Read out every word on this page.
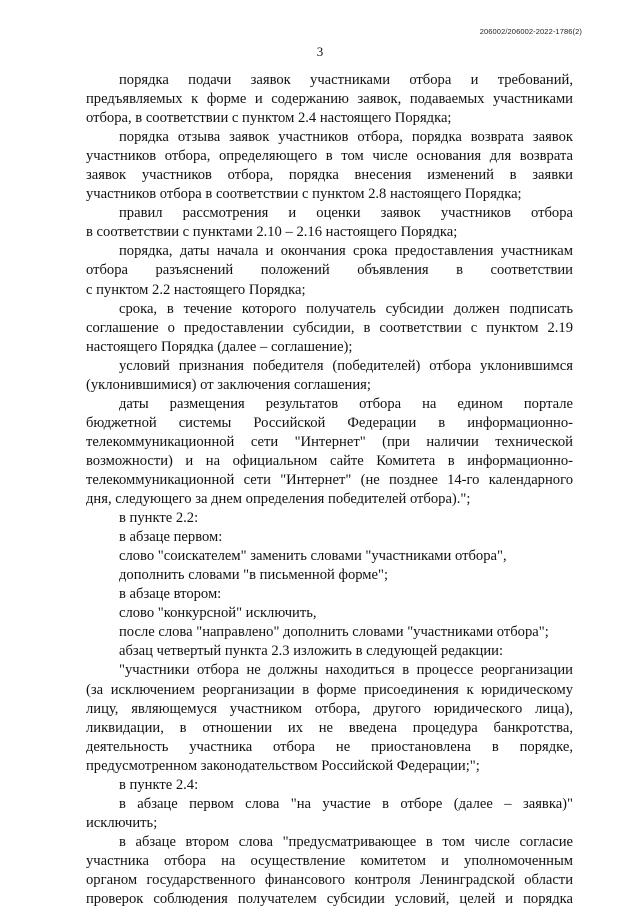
206002/206002-2022-1786(2)
3
порядка подачи заявок участниками отбора и требований,
предъявляемых к форме и содержанию заявок, подаваемых участниками
отбора, в соответствии с пунктом 2.4 настоящего Порядка;
порядка отзыва заявок участников отбора, порядка возврата заявок
участников отбора, определяющего в том числе основания для возврата
заявок участников отбора, порядка внесения изменений в заявки
участников отбора в соответствии с пунктом 2.8 настоящего Порядка;
правил рассмотрения и оценки заявок участников отбора
в соответствии с пунктами 2.10 – 2.16 настоящего Порядка;
порядка, даты начала и окончания срока предоставления участникам
отбора разъяснений положений объявления в соответствии
с пунктом 2.2 настоящего Порядка;
срока, в течение которого получатель субсидии должен подписать
соглашение о предоставлении субсидии, в соответствии с пунктом 2.19
настоящего Порядка (далее – соглашение);
условий признания победителя (победителей) отбора уклонившимся
(уклонившимися) от заключения соглашения;
даты размещения результатов отбора на едином портале
бюджетной системы Российской Федерации в информационно-
телекоммуникационной сети "Интернет" (при наличии технической
возможности) и на официальном сайте Комитета в информационно-
телекоммуникационной сети "Интернет" (не позднее 14-го календарного
дня, следующего за днем определения победителей отбора).";
в пункте 2.2:
в абзаце первом:
слово "соискателем" заменить словами "участниками отбора",
дополнить словами "в письменной форме";
в абзаце втором:
слово "конкурсной" исключить,
после слова "направлено" дополнить словами "участниками отбора";
абзац четвертый пункта 2.3 изложить в следующей редакции:
"участники отбора не должны находиться в процессе реорганизации
(за исключением реорганизации в форме присоединения к юридическому
лицу, являющемуся участником отбора, другого юридического лица),
ликвидации, в отношении их не введена процедура банкротства,
деятельность участника отбора не приостановлена в порядке,
предусмотренном законодательством Российской Федерации;";
в пункте 2.4:
в абзаце первом слова "на участие в отборе (далее – заявка)"
исключить;
в абзаце втором слова "предусматривающее в том числе согласие
участника отбора на осуществление комитетом и уполномоченным
органом государственного финансового контроля Ленинградской области
проверок соблюдения получателем субсидии условий, целей и порядка
